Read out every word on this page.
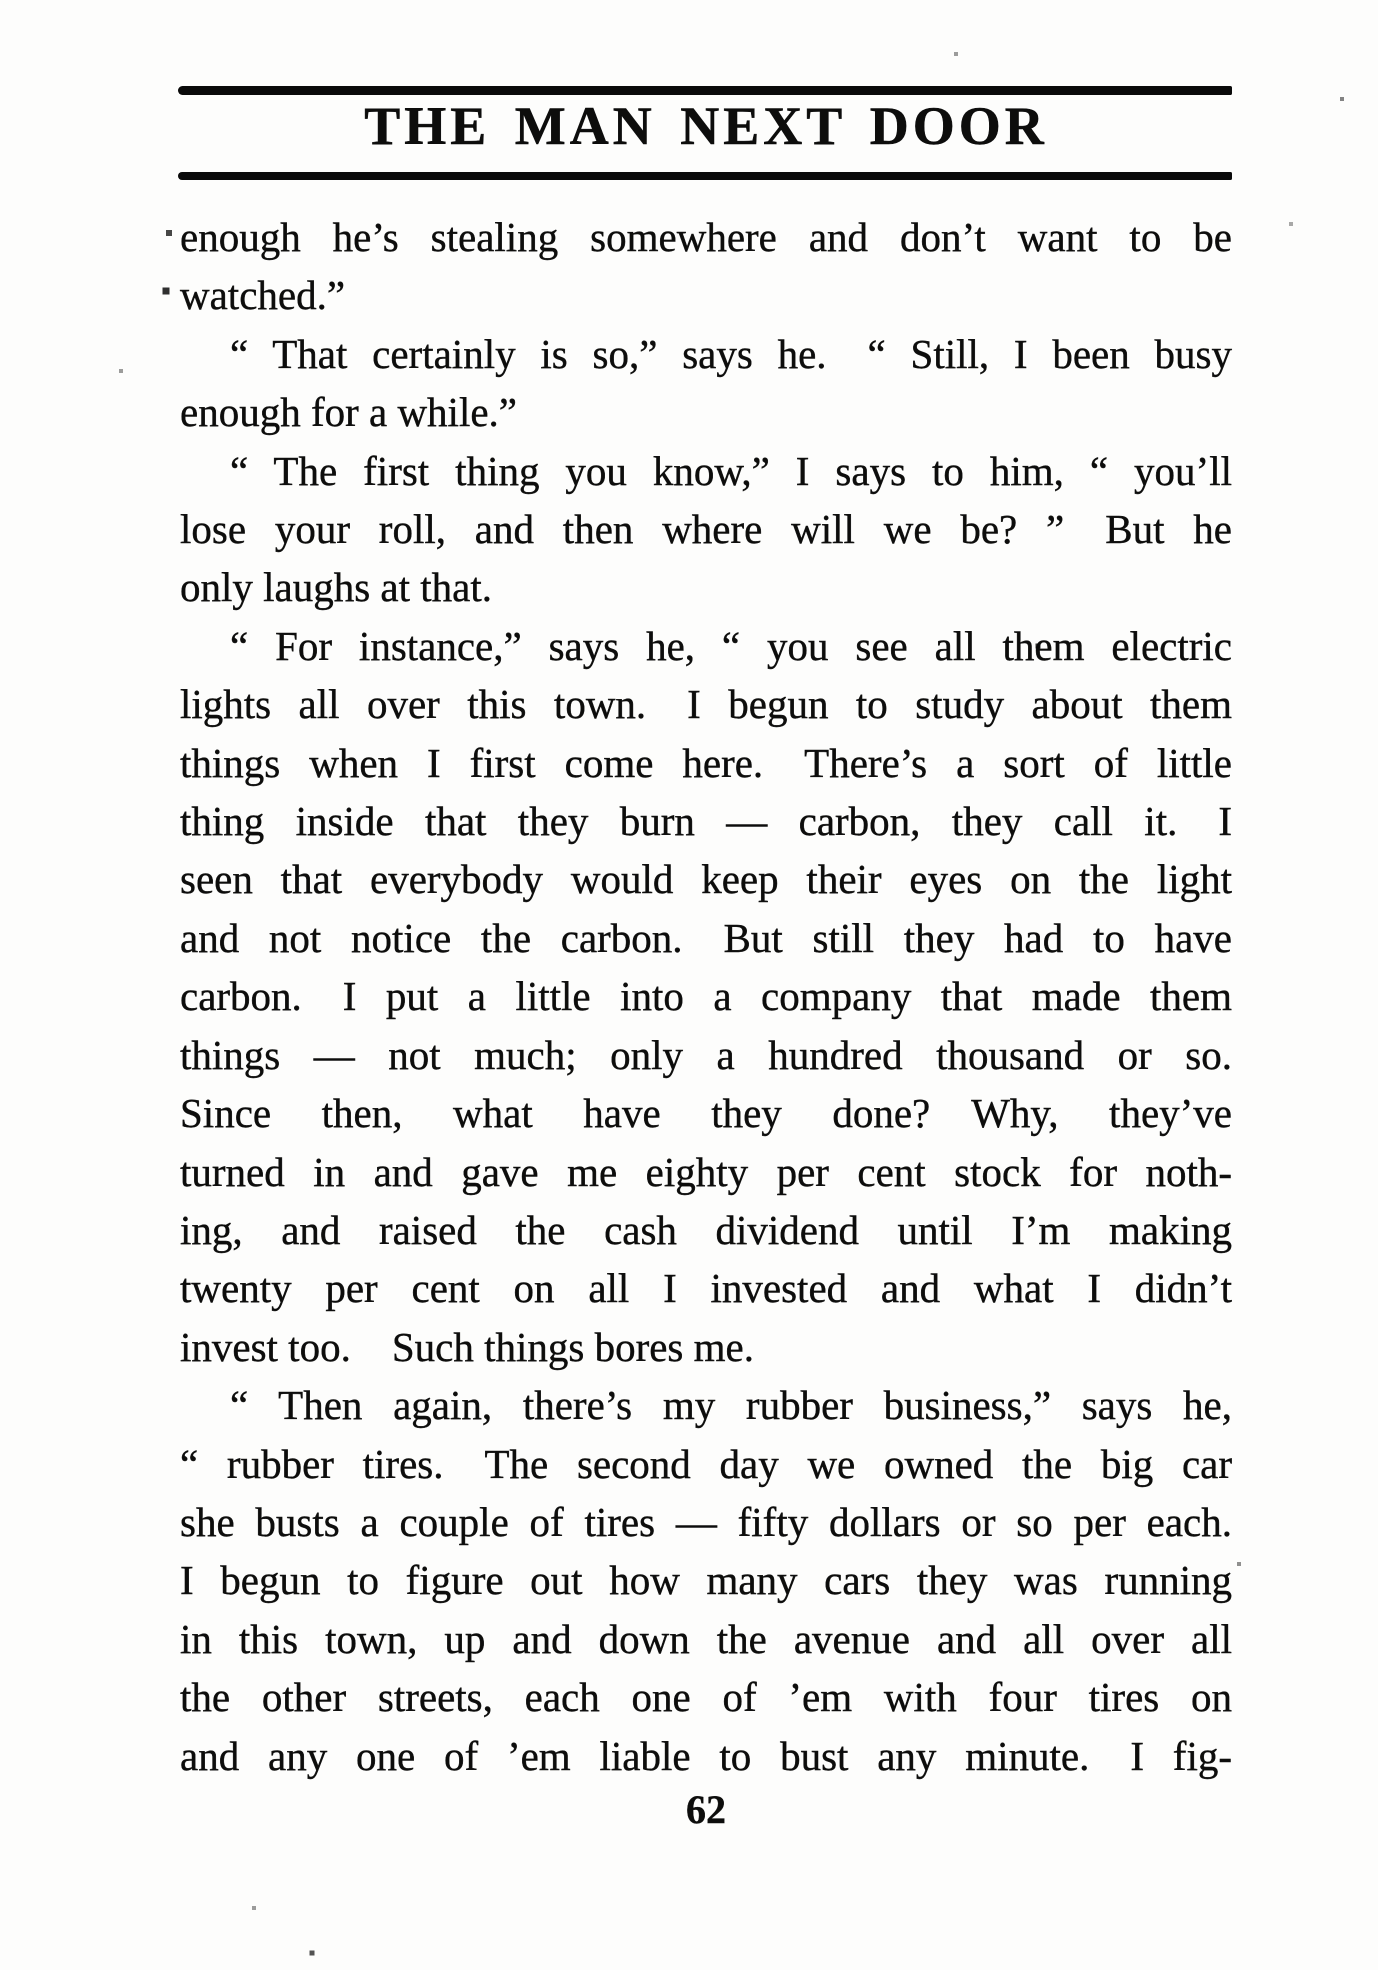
THE MAN NEXT DOOR
enough he’s stealing somewhere and don’t want to be
watched.”
“ That certainly is so,” says he. “ Still, I been busy
enough for a while.”
“ The first thing you know,” I says to him, “ you’ll
lose your roll, and then where will we be? ” But he
only laughs at that.
“ For instance,” says he, “ you see all them electric
lights all over this town. I begun to study about them
things when I first come here. There’s a sort of little
thing inside that they burn — carbon, they call it. I
seen that everybody would keep their eyes on the light
and not notice the carbon. But still they had to have
carbon. I put a little into a company that made them
things — not much; only a hundred thousand or so.
Since then, what have they done? Why, they’ve
turned in and gave me eighty per cent stock for noth-
ing, and raised the cash dividend until I’m making
twenty per cent on all I invested and what I didn’t
invest too. Such things bores me.
“ Then again, there’s my rubber business,” says he,
“ rubber tires. The second day we owned the big car
she busts a couple of tires — fifty dollars or so per each.
I begun to figure out how many cars they was running
in this town, up and down the avenue and all over all
the other streets, each one of ’em with four tires on
and any one of ’em liable to bust any minute. I fig-
62
